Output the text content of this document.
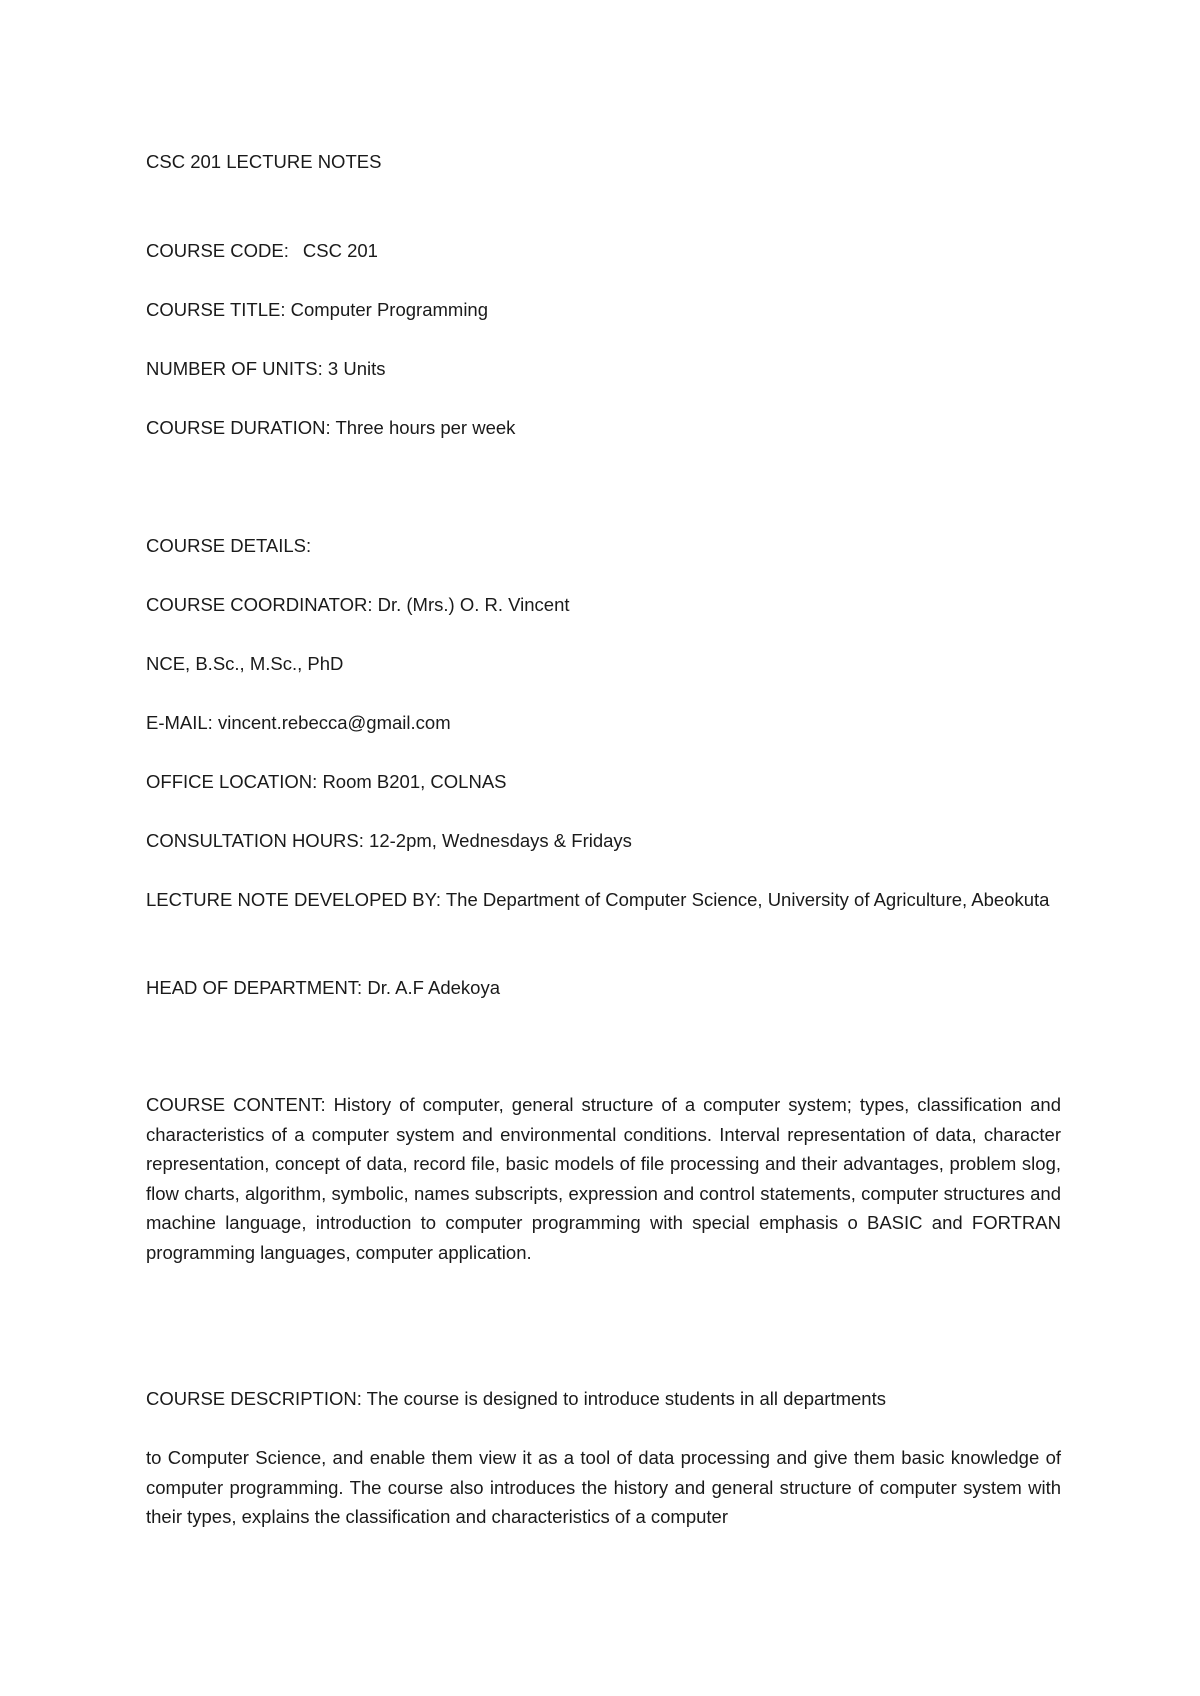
CSC 201 LECTURE NOTES

COURSE CODE: CSC 201

COURSE TITLE: Computer Programming

NUMBER OF UNITS: 3 Units

COURSE DURATION: Three hours per week

COURSE DETAILS:

COURSE COORDINATOR: Dr. (Mrs.) O. R. Vincent

NCE, B.Sc., M.Sc., PhD

E-MAIL: vincent.rebecca@gmail.com

OFFICE LOCATION: Room B201, COLNAS

CONSULTATION HOURS: 12-2pm, Wednesdays & Fridays

LECTURE NOTE DEVELOPED BY: The Department of Computer Science, University of Agriculture, Abeokuta

HEAD OF DEPARTMENT: Dr. A.F Adekoya

COURSE CONTENT: History of computer, general structure of a computer system; types, classification and characteristics of a computer system and environmental conditions. Interval representation of data, character representation, concept of data, record file, basic models of file processing and their advantages, problem slog, flow charts, algorithm, symbolic, names subscripts, expression and control statements, computer structures and machine language, introduction to computer programming with special emphasis o BASIC and FORTRAN programming languages, computer application.

COURSE DESCRIPTION: The course is designed to introduce students in all departments

to Computer Science, and enable them view it as a tool of data processing and give them basic knowledge of computer programming. The course also introduces the history and general structure of computer system with their types, explains the classification and characteristics of a computer
